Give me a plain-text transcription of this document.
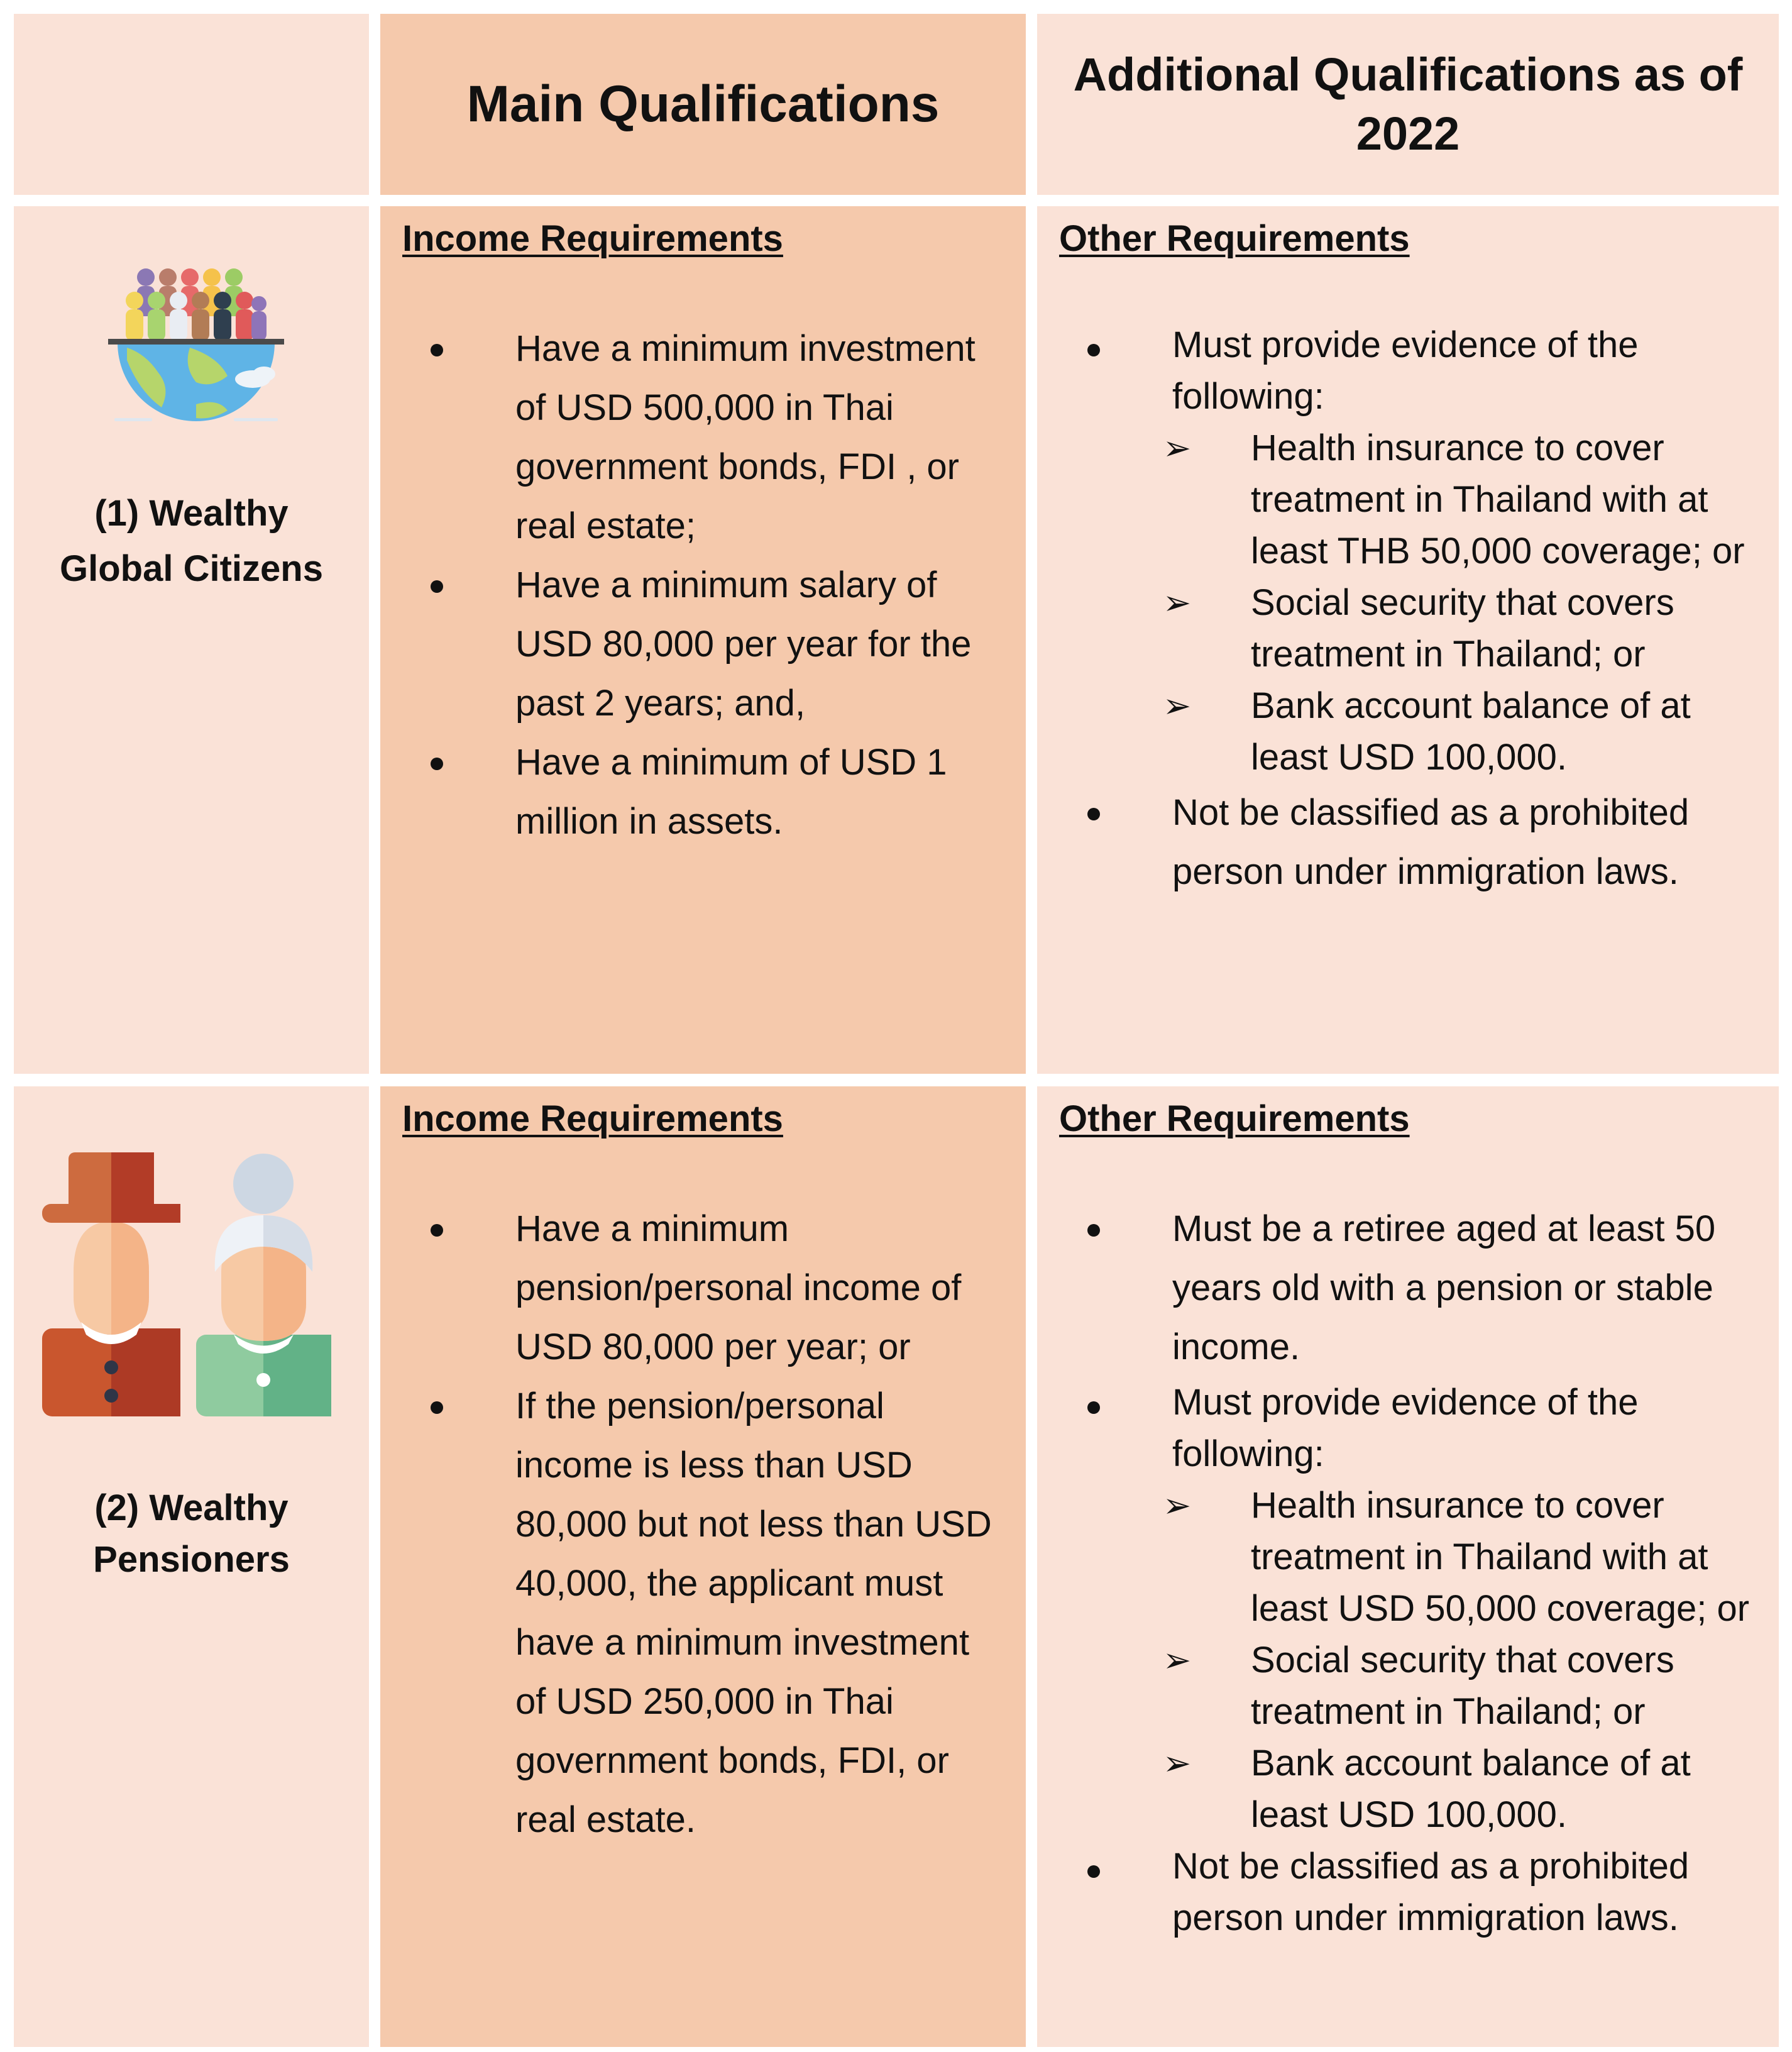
Main Qualifications
Additional Qualifications as of 2022
(1) Wealthy Global Citizens
Income Requirements
Have a minimum investment of USD 500,000 in Thai government bonds, FDI , or real estate;
Have a minimum salary of USD 80,000 per year for the past 2 years; and,
Have a minimum of USD 1 million in assets.
Other Requirements
Must provide evidence of the following:
➢ Health insurance to cover treatment in Thailand with at least THB 50,000 coverage; or
➢ Social security that covers treatment in Thailand; or
➢ Bank account balance of at least USD 100,000.
Not be classified as a prohibited person under immigration laws.
(2) Wealthy Pensioners
Income Requirements
Have a minimum pension/personal income of USD 80,000 per year; or
If the pension/personal income is less than USD 80,000 but not less than USD 40,000, the applicant must have a minimum investment of USD 250,000 in Thai government bonds, FDI, or real estate.
Other Requirements
Must be a retiree aged at least 50 years old with a pension or stable income.
Must provide evidence of the following:
➢ Health insurance to cover treatment in Thailand with at least USD 50,000 coverage; or
➢ Social security that covers treatment in Thailand; or
➢ Bank account balance of at least USD 100,000.
Not be classified as a prohibited person under immigration laws.
